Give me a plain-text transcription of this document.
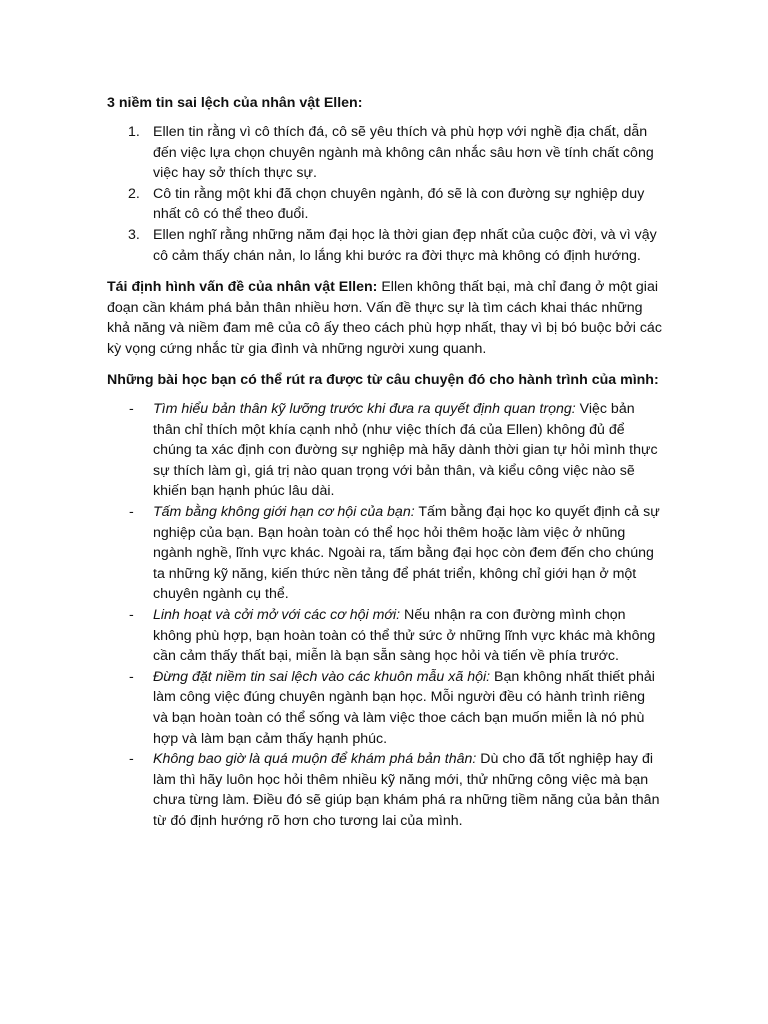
3 niềm tin sai lệch của nhân vật Ellen:
1. Ellen tin rằng vì cô thích đá, cô sẽ yêu thích và phù hợp với nghề địa chất, dẫn đến việc lựa chọn chuyên ngành mà không cân nhắc sâu hơn về tính chất công việc hay sở thích thực sự.
2. Cô tin rằng một khi đã chọn chuyên ngành, đó sẽ là con đường sự nghiệp duy nhất cô có thể theo đuổi.
3. Ellen nghĩ rằng những năm đại học là thời gian đẹp nhất của cuộc đời, và vì vậy cô cảm thấy chán nản, lo lắng khi bước ra đời thực mà không có định hướng.
Tái định hình vấn đề của nhân vật Ellen: Ellen không thất bại, mà chỉ đang ở một giai đoạn cần khám phá bản thân nhiều hơn. Vấn đề thực sự là tìm cách khai thác những khả năng và niềm đam mê của cô ấy theo cách phù hợp nhất, thay vì bị bó buộc bởi các kỳ vọng cứng nhắc từ gia đình và những người xung quanh.
Những bài học bạn có thể rút ra được từ câu chuyện đó cho hành trình của mình:
- Tìm hiểu bản thân kỹ lưỡng trước khi đưa ra quyết định quan trọng: Việc bản thân chỉ thích một khía cạnh nhỏ (như việc thích đá của Ellen) không đủ để chúng ta xác định con đường sự nghiệp mà hãy dành thời gian tự hỏi mình thực sự thích làm gì, giá trị nào quan trọng với bản thân, và kiểu công việc nào sẽ khiến bạn hạnh phúc lâu dài.
- Tấm bằng không giới hạn cơ hội của bạn: Tấm bằng đại học ko quyết định cả sự nghiệp của bạn. Bạn hoàn toàn có thể học hỏi thêm hoặc làm việc ở nhũng ngành nghề, lĩnh vực khác. Ngoài ra, tấm bằng đại học còn đem đến cho chúng ta những kỹ năng, kiến thức nền tảng để phát triển, không chỉ giới hạn ở một chuyên ngành cụ thể.
- Linh hoạt và cởi mở với các cơ hội mới: Nếu nhận ra con đường mình chọn không phù hợp, bạn hoàn toàn có thể thử sức ở những lĩnh vực khác mà không cần cảm thấy thất bại, miễn là bạn sẵn sàng học hỏi và tiến về phía trước.
- Đừng đặt niềm tin sai lệch vào các khuôn mẫu xã hội: Bạn không nhất thiết phải làm công việc đúng chuyên ngành bạn học. Mỗi người đều có hành trình riêng và bạn hoàn toàn có thể sống và làm việc thoe cách bạn muốn miễn là nó phù hợp và làm bạn cảm thấy hạnh phúc.
- Không bao giờ là quá muộn để khám phá bản thân: Dù cho đã tốt nghiệp hay đi làm thì hãy luôn học hỏi thêm nhiều kỹ năng mới, thử những công việc mà bạn chưa từng làm. Điều đó sẽ giúp bạn khám phá ra những tiềm năng của bản thân từ đó định hướng rõ hơn cho tương lai của mình.
